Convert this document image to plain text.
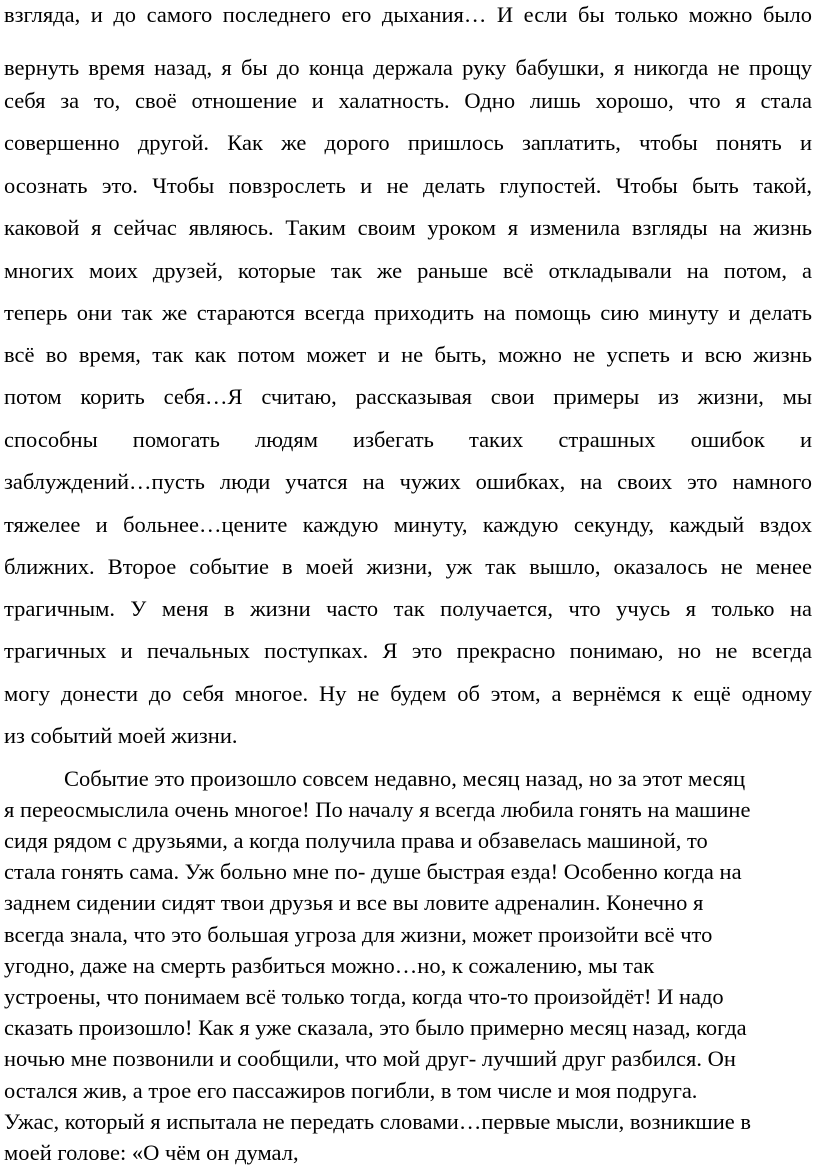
взгляда, и до самого последнего его дыхания… И если бы только можно было
вернуть время назад, я бы до конца держала руку бабушки, я никогда не прощу
себя за то, своё отношение и халатность. Одно лишь хорошо, что я стала
совершенно другой. Как же дорого пришлось заплатить, чтобы понять и
осознать это. Чтобы повзрослеть и не делать глупостей. Чтобы быть такой,
каковой я сейчас являюсь. Таким своим уроком я изменила взгляды на жизнь
многих моих друзей, которые так же раньше всё откладывали на потом, а
теперь они так же стараются всегда приходить на помощь сию минуту и делать
всё во время, так как потом может и не быть, можно не успеть и всю жизнь
потом корить себя…Я считаю, рассказывая свои примеры из жизни, мы
способны помогать людям избегать таких страшных ошибок и
заблуждений…пусть люди учатся на чужих ошибках, на своих это намного
тяжелее и больнее…цените каждую минуту, каждую секунду, каждый вздох
ближних. Второе событие в моей жизни, уж так вышло, оказалось не менее
трагичным. У меня в жизни часто так получается, что учусь я только на
трагичных и печальных поступках. Я это прекрасно понимаю, но не всегда
могу донести до себя многое. Ну не будем об этом, а вернёмся к ещё одному
из событий моей жизни.
Событие это произошло совсем недавно, месяц назад, но за этот месяц
я переосмыслила очень многое! По началу я всегда любила гонять на машине
сидя рядом с друзьями, а когда получила права и обзавелась машиной, то
стала гонять сама. Уж больно мне по- душе быстрая езда! Особенно когда на
заднем сидении сидят твои друзья и все вы ловите адреналин. Конечно я
всегда знала, что это большая угроза для жизни, может произойти всё что
угодно, даже на смерть разбиться можно…но, к сожалению, мы так
устроены, что понимаем всё только тогда, когда что-то произойдёт! И надо
сказать произошло! Как я уже сказала, это было примерно месяц назад, когда
ночью мне позвонили и сообщили, что мой друг- лучший друг разбился. Он
остался жив, а трое его пассажиров погибли, в том числе и моя подруга.
Ужас, который я испытала не передать словами…первые мысли, возникшие в
моей голове: «О чём он думал,
